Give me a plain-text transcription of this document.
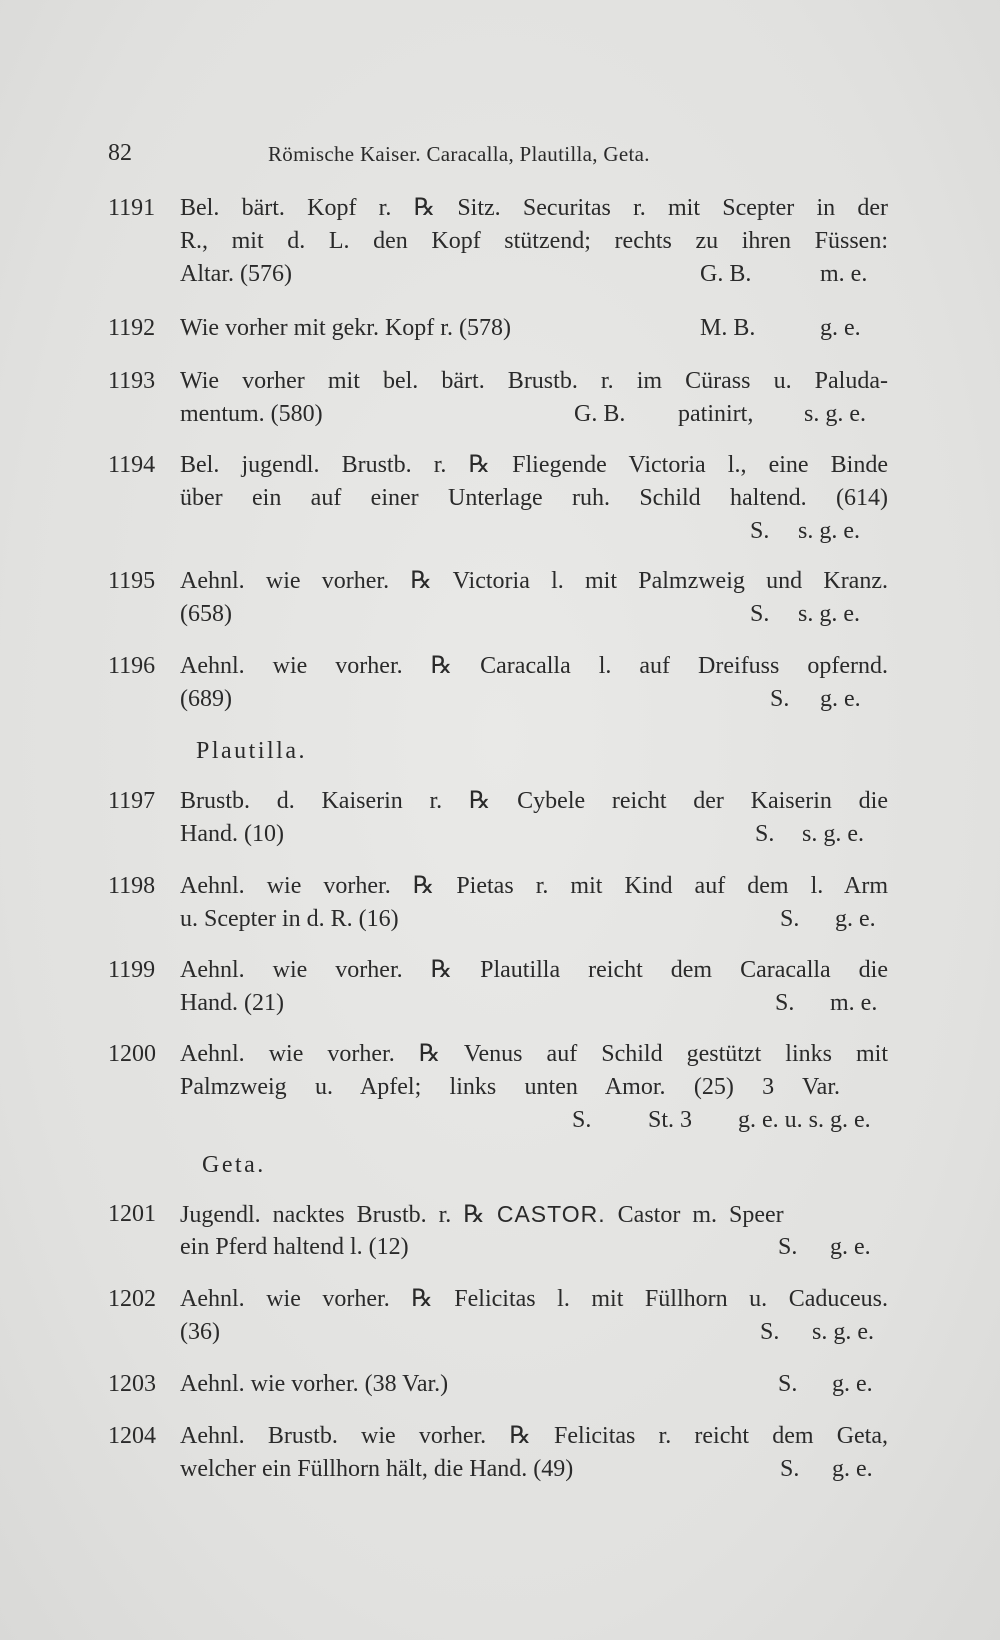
82	Römische Kaiser. Caracalla, Plautilla, Geta.
1191	Bel. bärt. Kopf r. ℞ Sitz. Securitas r. mit Scepter in der
R., mit d. L. den Kopf stützend; rechts zu ihren Füssen:
Altar. (576)	G. B.	m. e.
1192	Wie vorher mit gekr. Kopf r. (578)	M. B.	g. e.
1193	Wie vorher mit bel. bärt. Brustb. r. im Cürass u. Paluda-
mentum. (580)	G. B. patinirt, s. g. e.
1194	Bel. jugendl. Brustb. r. ℞ Fliegende Victoria l., eine Binde
über ein auf einer Unterlage ruh. Schild haltend. (614)
S. s. g. e.
1195	Aehnl. wie vorher. ℞ Victoria l. mit Palmzweig und Kranz.
(658)	S. s. g. e.
1196	Aehnl. wie vorher. ℞ Caracalla l. auf Dreifuss opfernd.
(689)	S. g. e.
Plautilla.
1197	Brustb. d. Kaiserin r. ℞ Cybele reicht der Kaiserin die
Hand. (10)	S. s. g. e.
1198	Aehnl. wie vorher. ℞ Pietas r. mit Kind auf dem l. Arm
u. Scepter in d. R. (16)	S. g. e.
1199	Aehnl. wie vorher. ℞ Plautilla reicht dem Caracalla die
Hand. (21)	S. m. e.
1200	Aehnl. wie vorher. ℞ Venus auf Schild gestützt links mit
Palmzweig u. Apfel; links unten Amor. (25) 3 Var.
S. St. 3 g. e. u. s. g. e.
Geta.
1201	Jugendl. nacktes Brustb. r. ℞ CASTOR. Castor m. Speer
ein Pferd haltend l. (12)	S. g. e.
1202	Aehnl. wie vorher. ℞ Felicitas l. mit Füllhorn u. Caduceus.
(36)	S. s. g. e.
1203	Aehnl. wie vorher. (38 Var.)	S. g. e.
1204	Aehnl. Brustb. wie vorher. ℞ Felicitas r. reicht dem Geta,
welcher ein Füllhorn hält, die Hand. (49)	S. g. e.
